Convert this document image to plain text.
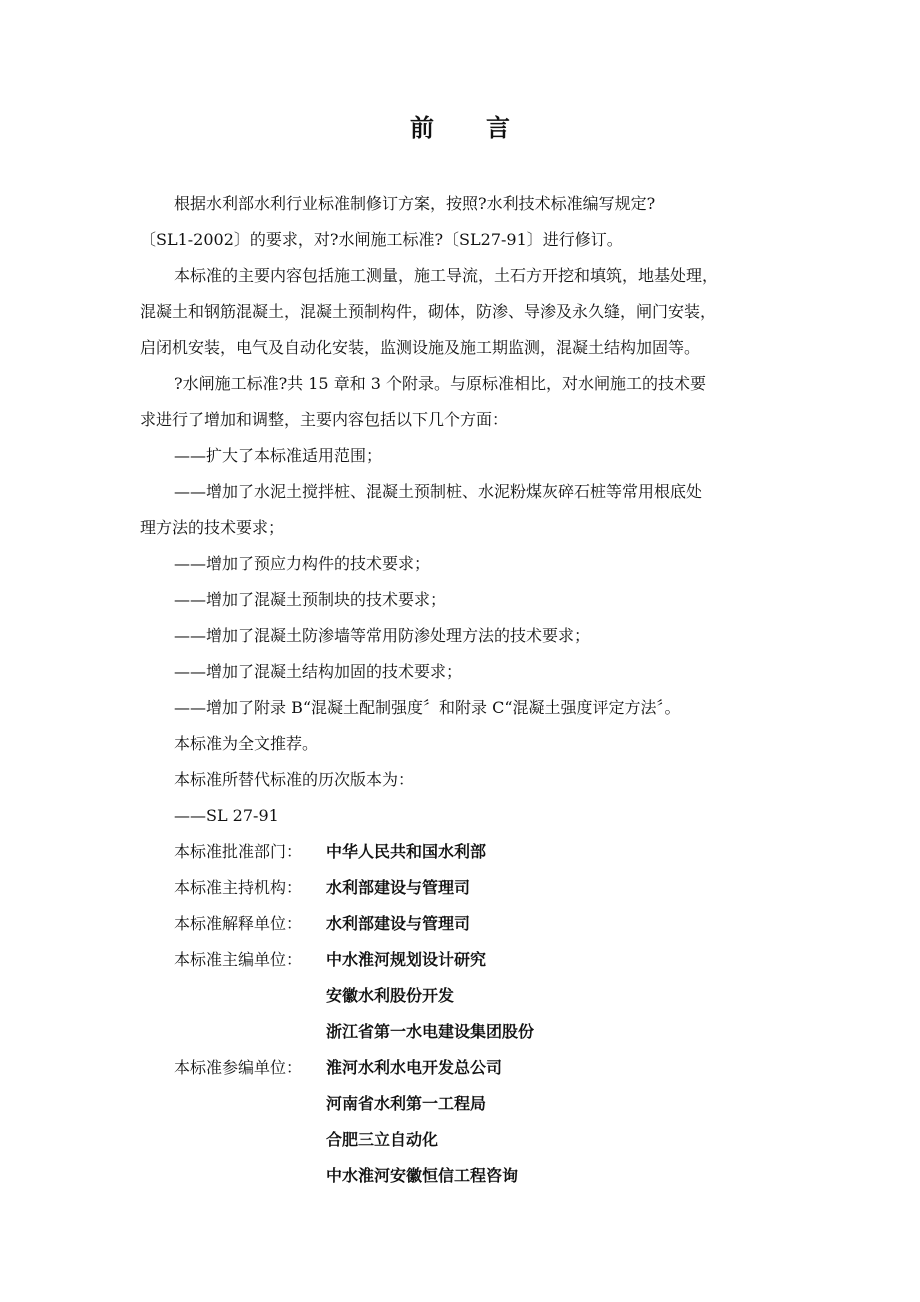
前言
根据水利部水利行业标准制修订方案，按照?水利技术标准编写规定?
〔SL1-2002〕的要求，对?水闸施工标准?〔SL27-91〕进行修订。
本标准的主要内容包括施工测量，施工导流，土石方开挖和填筑，地基处理，
混凝土和钢筋混凝土，混凝土预制构件，砌体，防渗、导渗及永久缝，闸门安装，
启闭机安装，电气及自动化安装，监测设施及施工期监测，混凝土结构加固等。
?水闸施工标准?共 15 章和 3 个附录。与原标准相比，对水闸施工的技术要
求进行了增加和调整，主要内容包括以下几个方面：
——扩大了本标准适用范围；
——增加了水泥土搅拌桩、混凝土预制桩、水泥粉煤灰碎石桩等常用根底处
理方法的技术要求；
——增加了预应力构件的技术要求；
——增加了混凝土预制块的技术要求；
——增加了混凝土防渗墙等常用防渗处理方法的技术要求；
——增加了混凝土结构加固的技术要求；
——增加了附录 B“混凝土配制强度〞和附录 C“混凝土强度评定方法〞。
本标准为全文推荐。
本标准所替代标准的历次版本为：
——SL 27-91
本标准批准部门：	中华人民共和国水利部
本标准主持机构：	水利部建设与管理司
本标准解释单位：	水利部建设与管理司
本标准主编单位：	中水淮河规划设计研究
安徽水利股份开发
浙江省第一水电建设集团股份
本标准参编单位：	淮河水利水电开发总公司
河南省水利第一工程局
合肥三立自动化
中水淮河安徽恒信工程咨询
